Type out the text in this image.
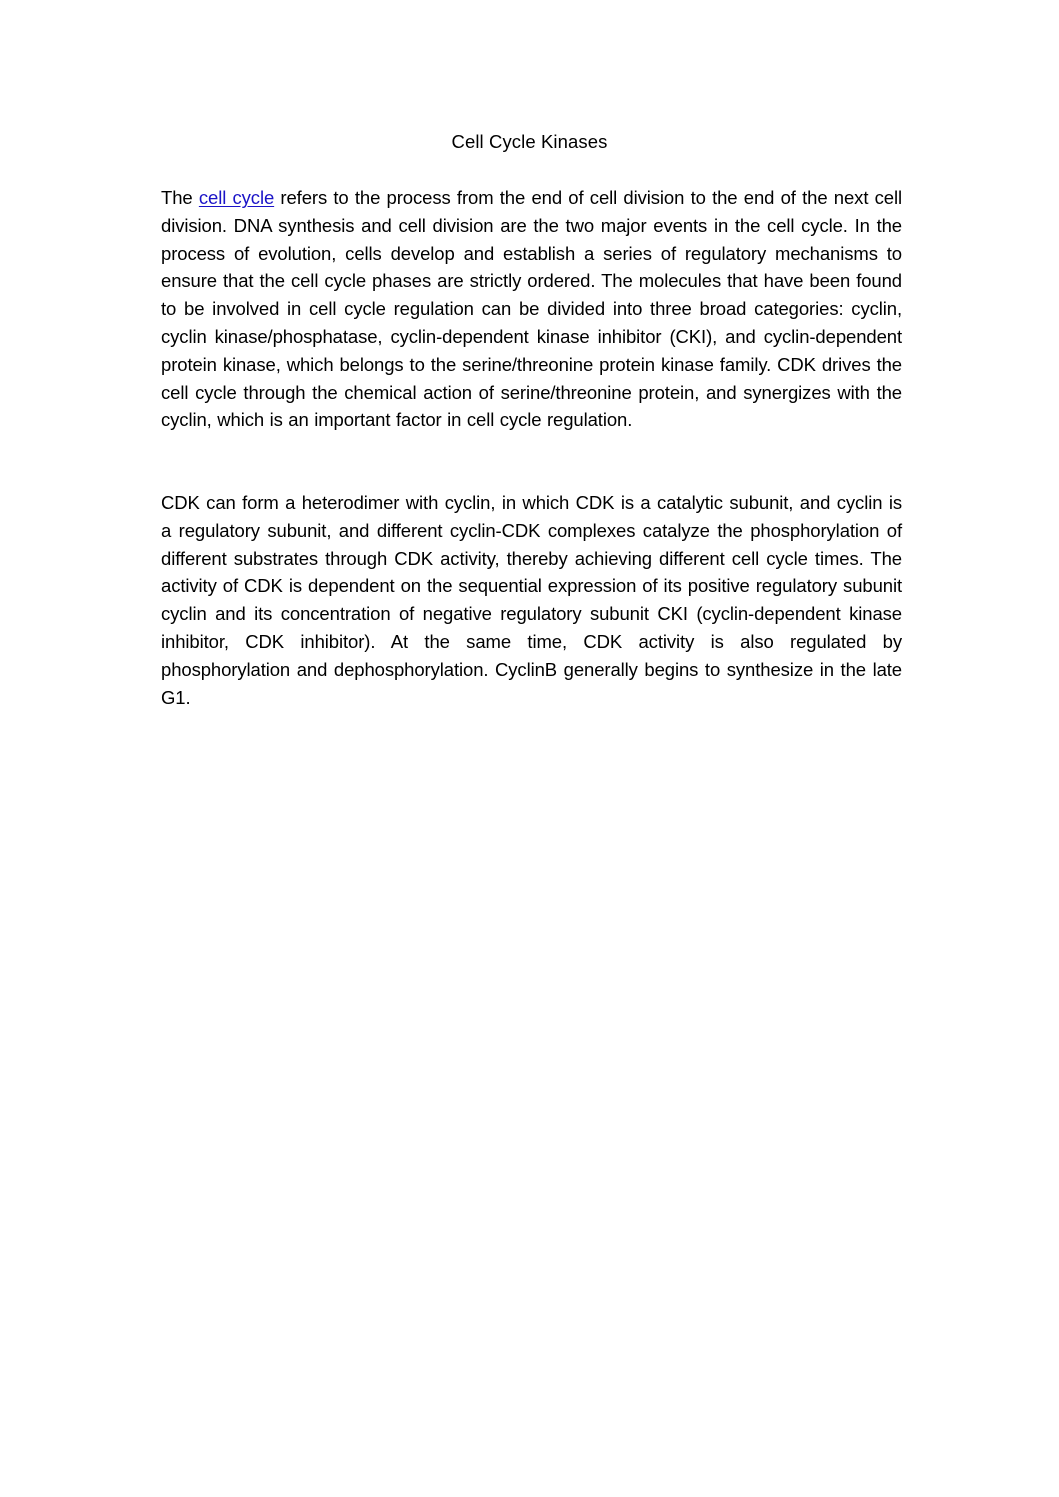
Cell Cycle Kinases

The cell cycle refers to the process from the end of cell division to the end of the next cell division. DNA synthesis and cell division are the two major events in the cell cycle. In the process of evolution, cells develop and establish a series of regulatory mechanisms to ensure that the cell cycle phases are strictly ordered. The molecules that have been found to be involved in cell cycle regulation can be divided into three broad categories: cyclin, cyclin kinase/phosphatase, cyclin-dependent kinase inhibitor (CKI), and cyclin-dependent protein kinase, which belongs to the serine/threonine protein kinase family. CDK drives the cell cycle through the chemical action of serine/threonine protein, and synergizes with the cyclin, which is an important factor in cell cycle regulation.

CDK can form a heterodimer with cyclin, in which CDK is a catalytic subunit, and cyclin is a regulatory subunit, and different cyclin-CDK complexes catalyze the phosphorylation of different substrates through CDK activity, thereby achieving different cell cycle times. The activity of CDK is dependent on the sequential expression of its positive regulatory subunit cyclin and its concentration of negative regulatory subunit CKI (cyclin-dependent kinase inhibitor, CDK inhibitor). At the same time, CDK activity is also regulated by phosphorylation and dephosphorylation. CyclinB generally begins to synthesize in the late G1.
